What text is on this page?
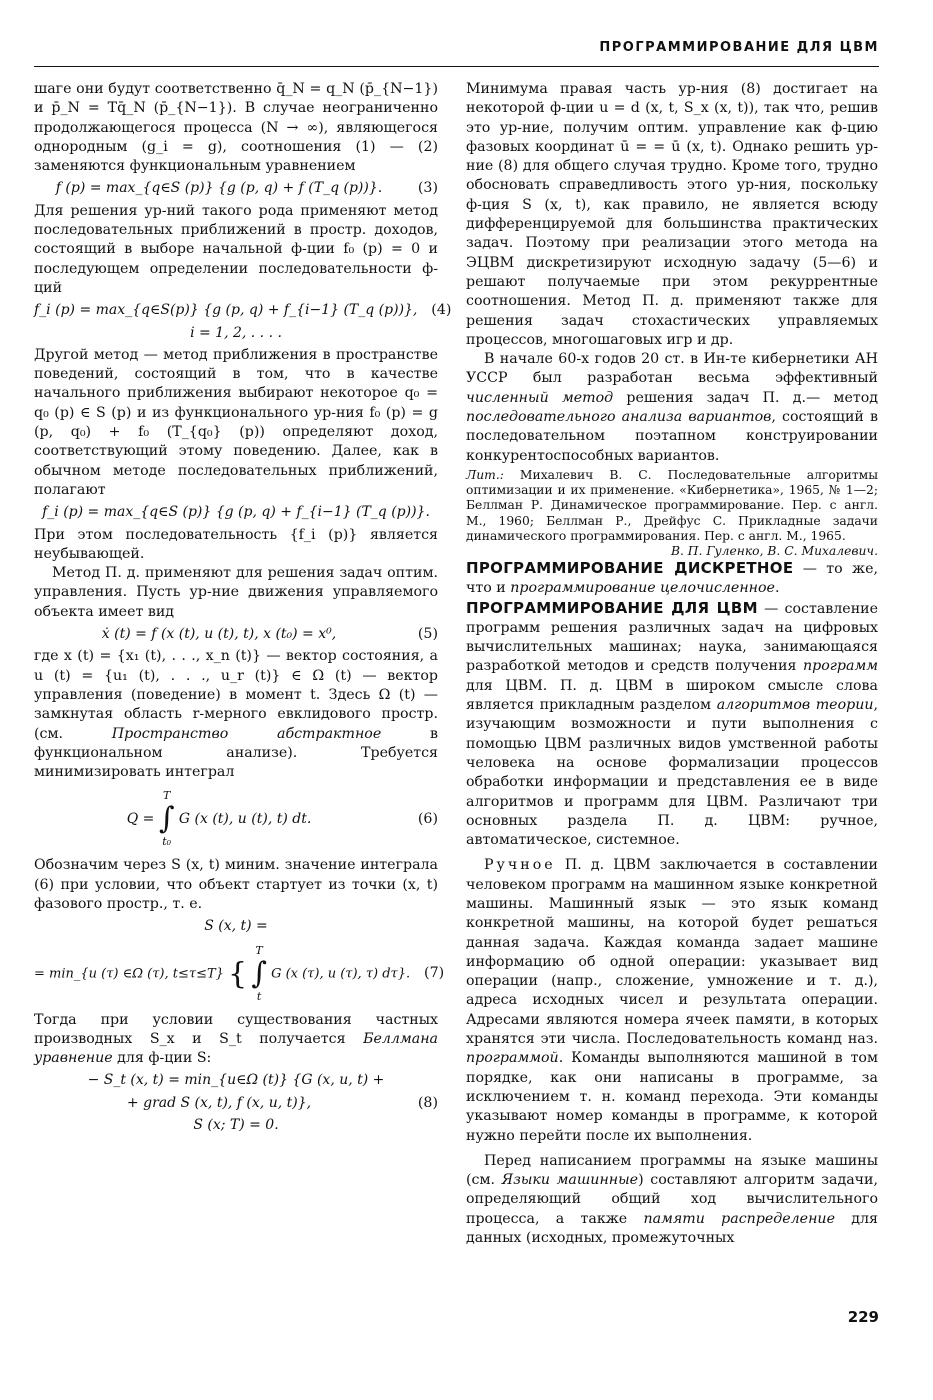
ПРОГРАММИРОВАНИЕ ДЛЯ ЦВМ

шаге они будут соответственно q̄_N = q_N (p̄_{N−1}) и p̄_N = Tq̄_N (p̄_{N−1}). В случае неограниченно продолжающегося процесса (N → ∞), являющегося однородным (g_i = g), соотношения (1) — (2) заменяются функциональным уравнением

f (p) = max_{q∈S (p)} {g (p, q) + f (T_q (p))}.	(3)

Для решения ур-ний такого рода применяют метод последовательных приближений в простр. доходов, состоящий в выборе начальной ф-ции f₀ (p) = 0 и последующем определении последовательности ф-ций

f_i (p) = max_{q∈S(p)} {g (p, q) + f_{i−1} (T_q (p))}, (4)
i = 1, 2, . . . .

Другой метод — метод приближения в пространстве поведений, состоящий в том, что в качестве начального приближения выбирают некоторое q₀ = q₀ (p) ∈ S (p) и из функционального ур-ния f₀ (p) = g (p, q₀) + f₀ (T_{q₀} (p)) определяют доход, соответствующий этому поведению. Далее, как в обычном методе последовательных приближений, полагают

f_i (p) = max_{q∈S (p)} {g (p, q) + f_{i−1} (T_q (p))}.

При этом последовательность {f_i (p)} является неубывающей.

Метод П. д. применяют для решения задач оптим. управления. Пусть ур-ние движения управляемого объекта имеет вид

ẋ (t) = f (x (t), u (t), t), x (t₀) = x⁰,	(5)

где x (t) = {x₁ (t), . . ., x_n (t)} — вектор состояния, а u (t) = {u₁ (t), . . ., u_r (t)} ∈ Ω (t) — вектор управления (поведение) в момент t. Здесь Ω (t) — замкнутая область r-мерного евклидового простр. (см. Пространство абстрактное в функциональном анализе). Требуется минимизировать интеграл

Q =
T
∫
t₀
G (x (t), u (t), t) dt.	(6)

Обозначим через S (x, t) миним. значение интеграла (6) при условии, что объект стартует из точки (x, t) фазового простр., т. е.

S (x, t) =
= min_{u (τ) ∈Ω (τ), t≤τ≤T} {
T
∫
t
G (x (τ), u (τ), τ) dτ}. (7)

Тогда при условии существования частных производных S_x и S_t получается Беллмана уравнение для ф-ции S:

− S_t (x, t) = min_{u∈Ω (t)} {G (x, u, t) +
+ grad S (x, t), f (x, u, t)},	(8)
S (x; T) = 0.

Минимума правая часть ур-ния (8) достигает на некоторой ф-ции u = d (x, t, S_x (x, t)), так что, решив это ур-ние, получим оптим. управление как ф-цию фазовых координат ū = = ū (x, t). Однако решить ур-ние (8) для общего случая трудно. Кроме того, трудно обосновать справедливость этого ур-ния, поскольку ф-ция S (x, t), как правило, не является всюду дифференцируемой для большинства практических задач. Поэтому при реализации этого метода на ЭЦВМ дискретизируют исходную задачу (5—6) и решают получаемые при этом рекуррентные соотношения. Метод П. д. применяют также для решения задач стохастических управляемых процессов, многошаговых игр и др.

В начале 60-х годов 20 ст. в Ин-те кибернетики АН УССР был разработан весьма эффективный численный метод решения задач П. д.— метод последовательного анализа вариантов, состоящий в последовательном поэтапном конструировании конкурентоспособных вариантов.

Лит.: Михалевич В. С. Последовательные алгоритмы оптимизации и их применение. «Кибернетика», 1965, № 1—2; Беллман Р. Динамическое программирование. Пер. с англ. М., 1960; Беллман Р., Дрейфус С. Прикладные задачи динамического программирования. Пер. с англ. М., 1965.
В. П. Гуленко, В. С. Михалевич.

ПРОГРАММИРОВАНИЕ ДИСКРЕТНОЕ — то же, что и программирование целочисленное.

ПРОГРАММИРОВАНИЕ ДЛЯ ЦВМ — составление программ решения различных задач на цифровых вычислительных машинах; наука, занимающаяся разработкой методов и средств получения программ для ЦВМ. П. д. ЦВМ в широком смысле слова является прикладным разделом алгоритмов теории, изучающим возможности и пути выполнения с помощью ЦВМ различных видов умственной работы человека на основе формализации процессов обработки информации и представления ее в виде алгоритмов и программ для ЦВМ. Различают три основных раздела П. д. ЦВМ: ручное, автоматическое, системное.

Ручное П. д. ЦВМ заключается в составлении человеком программ на машинном языке конкретной машины. Машинный язык — это язык команд конкретной машины, на которой будет решаться данная задача. Каждая команда задает машине информацию об одной операции: указывает вид операции (напр., сложение, умножение и т. д.), адреса исходных чисел и результата операции. Адресами являются номера ячеек памяти, в которых хранятся эти числа. Последовательность команд наз. программой. Команды выполняются машиной в том порядке, как они написаны в программе, за исключением т. н. команд перехода. Эти команды указывают номер команды в программе, к которой нужно перейти после их выполнения.

Перед написанием программы на языке машины (см. Языки машинные) составляют алгоритм задачи, определяющий общий ход вычислительного процесса, а также памяти распределение для данных (исходных, промежуточных

229
